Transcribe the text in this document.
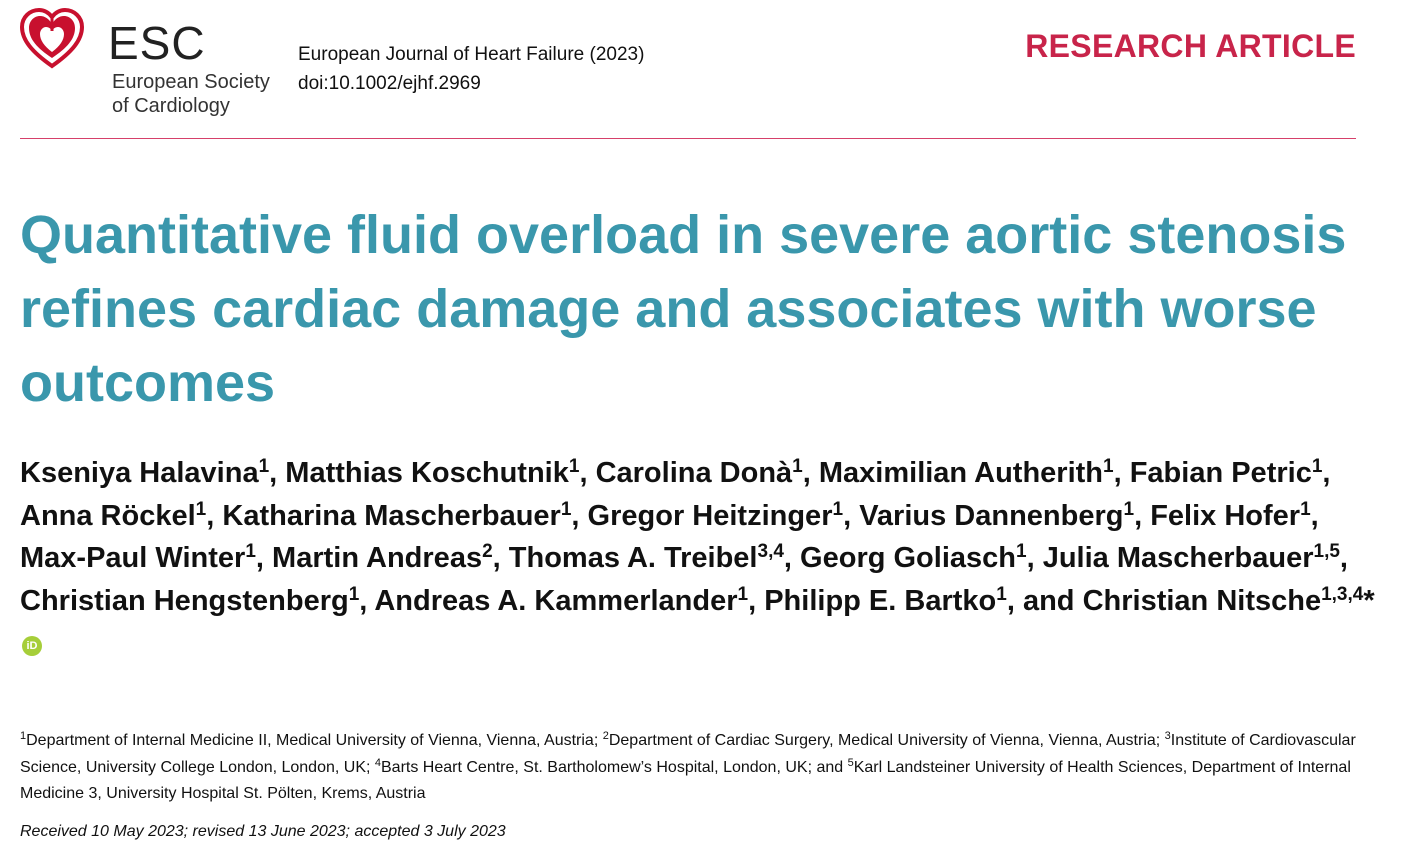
ESC
European Society
of Cardiology
European Journal of Heart Failure (2023)
doi:10.1002/ejhf.2969
RESEARCH ARTICLE
Quantitative fluid overload in severe aortic stenosis refines cardiac damage and associates with worse outcomes
Kseniya Halavina$^1$, Matthias Koschutnik$^1$, Carolina Donà$^1$, Maximilian Autherith$^1$, Fabian Petric$^1$, Anna Röckel$^1$, Katharina Mascherbauer$^1$, Gregor Heitzinger$^1$, Varius Dannenberg$^1$, Felix Hofer$^1$, Max-Paul Winter$^1$, Martin Andreas$^2$, Thomas A. Treibel$^{3,4}$, Georg Goliasch$^1$, Julia Mascherbauer$^{1,5}$, Christian Hengstenberg$^1$, Andreas A. Kammerlander$^1$, Philipp E. Bartko$^1$, and Christian Nitsche$^{1,3,4}$*iD
$^1$Department of Internal Medicine II, Medical University of Vienna, Vienna, Austria; $^2$Department of Cardiac Surgery, Medical University of Vienna, Vienna, Austria; $^3$Institute of Cardiovascular Science, University College London, London, UK; $^4$Barts Heart Centre, St. Bartholomew’s Hospital, London, UK; and $^5$Karl Landsteiner University of Health Sciences, Department of Internal Medicine 3, University Hospital St. Pölten, Krems, Austria
Received 10 May 2023; revised 13 June 2023; accepted 3 July 2023
